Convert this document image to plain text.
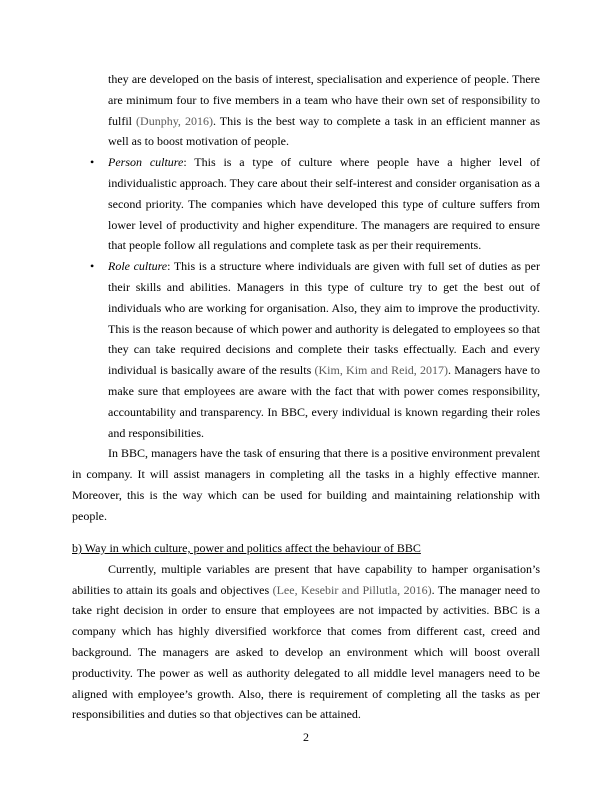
they are developed on the basis of interest, specialisation and experience of people. There are minimum four to five members in a team who have their own set of responsibility to fulfil (Dunphy, 2016). This is the best way to complete a task in an efficient manner as well as to boost motivation of people.

• Person culture: This is a type of culture where people have a higher level of individualistic approach. They care about their self-interest and consider organisation as a second priority. The companies which have developed this type of culture suffers from lower level of productivity and higher expenditure. The managers are required to ensure that people follow all regulations and complete task as per their requirements.
• Role culture: This is a structure where individuals are given with full set of duties as per their skills and abilities. Managers in this type of culture try to get the best out of individuals who are working for organisation. Also, they aim to improve the productivity. This is the reason because of which power and authority is delegated to employees so that they can take required decisions and complete their tasks effectually. Each and every individual is basically aware of the results (Kim, Kim and Reid, 2017). Managers have to make sure that employees are aware with the fact that with power comes responsibility, accountability and transparency. In BBC, every individual is known regarding their roles and responsibilities.

In BBC, managers have the task of ensuring that there is a positive environment prevalent in company. It will assist managers in completing all the tasks in a highly effective manner. Moreover, this is the way which can be used for building and maintaining relationship with people.

b) Way in which culture, power and politics affect the behaviour of BBC

Currently, multiple variables are present that have capability to hamper organisation’s abilities to attain its goals and objectives (Lee, Kesebir and Pillutla, 2016). The manager need to take right decision in order to ensure that employees are not impacted by activities. BBC is a company which has highly diversified workforce that comes from different cast, creed and background. The managers are asked to develop an environment which will boost overall productivity. The power as well as authority delegated to all middle level managers need to be aligned with employee’s growth. Also, there is requirement of completing all the tasks as per responsibilities and duties so that objectives can be attained.

2
